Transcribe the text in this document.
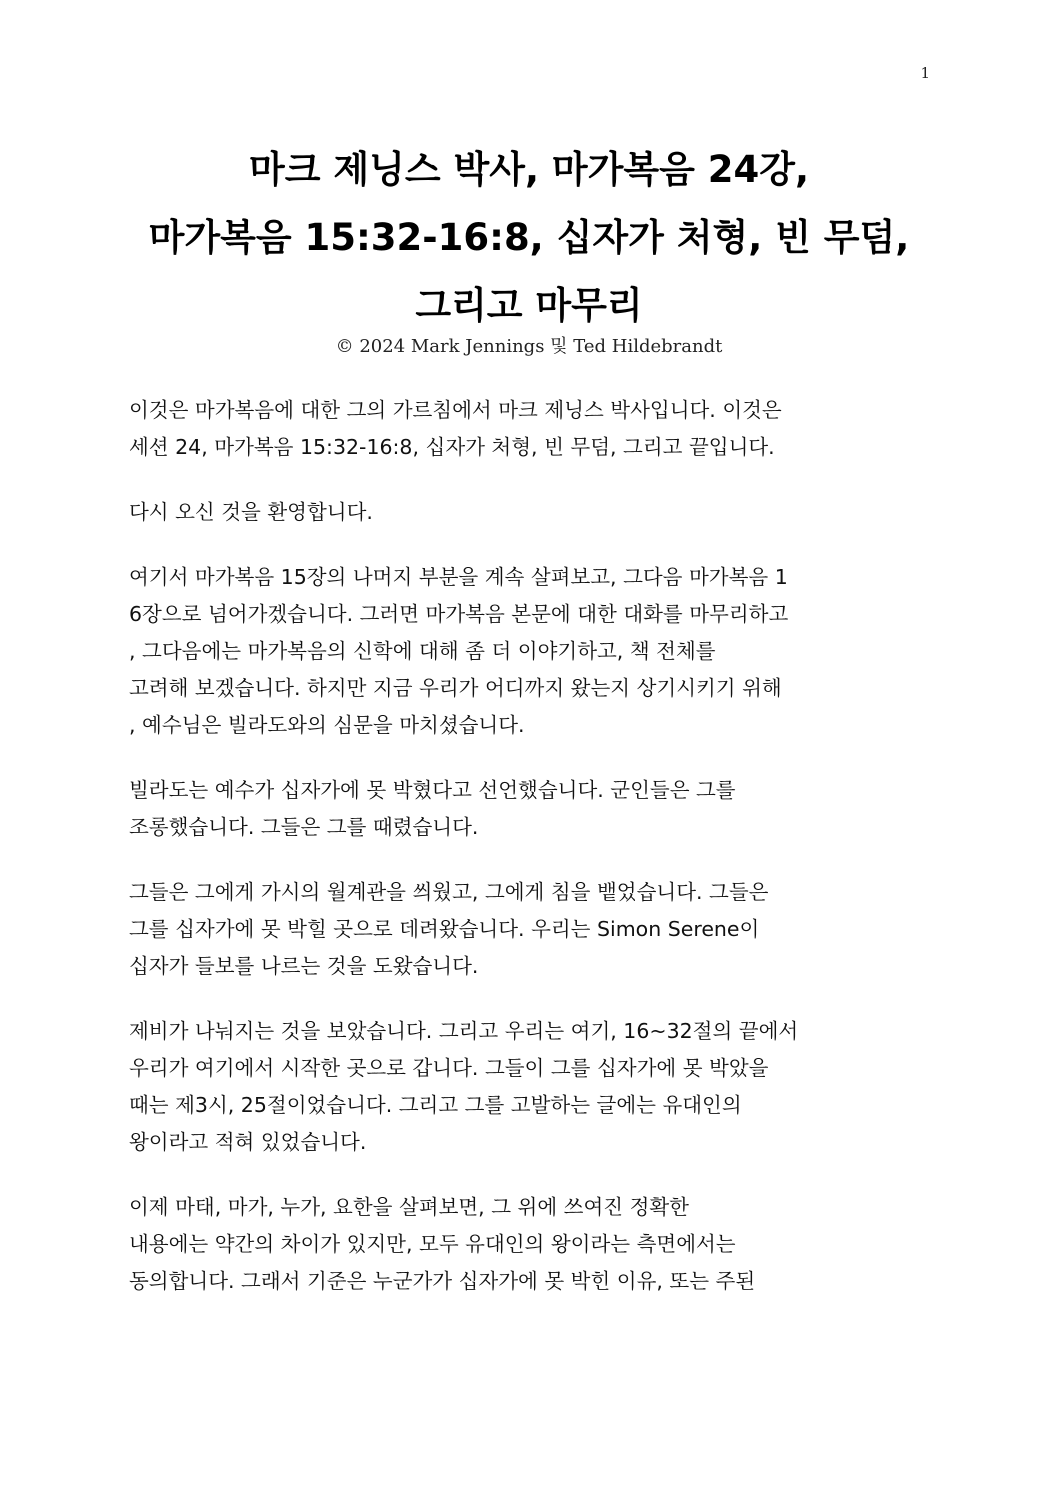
1
마크 제닝스 박사, 마가복음 24강,
마가복음 15:32-16:8, 십자가 처형, 빈 무덤,
그리고 마무리
© 2024 Mark Jennings 및 Ted Hildebrandt

이것은 마가복음에 대한 그의 가르침에서 마크 제닝스 박사입니다. 이것은
세션 24, 마가복음 15:32-16:8, 십자가 처형, 빈 무덤, 그리고 끝입니다.

다시 오신 것을 환영합니다.

여기서 마가복음 15장의 나머지 부분을 계속 살펴보고, 그다음 마가복음 1
6장으로 넘어가겠습니다. 그러면 마가복음 본문에 대한 대화를 마무리하고
, 그다음에는 마가복음의 신학에 대해 좀 더 이야기하고, 책 전체를
고려해 보겠습니다. 하지만 지금 우리가 어디까지 왔는지 상기시키기 위해
, 예수님은 빌라도와의 심문을 마치셨습니다.

빌라도는 예수가 십자가에 못 박혔다고 선언했습니다. 군인들은 그를
조롱했습니다. 그들은 그를 때렸습니다.

그들은 그에게 가시의 월계관을 씌웠고, 그에게 침을 뱉었습니다. 그들은
그를 십자가에 못 박힐 곳으로 데려왔습니다. 우리는 Simon Serene이
십자가 들보를 나르는 것을 도왔습니다.

제비가 나눠지는 것을 보았습니다. 그리고 우리는 여기, 16~32절의 끝에서
우리가 여기에서 시작한 곳으로 갑니다. 그들이 그를 십자가에 못 박았을
때는 제3시, 25절이었습니다. 그리고 그를 고발하는 글에는 유대인의
왕이라고 적혀 있었습니다.

이제 마태, 마가, 누가, 요한을 살펴보면, 그 위에 쓰여진 정확한
내용에는 약간의 차이가 있지만, 모두 유대인의 왕이라는 측면에서는
동의합니다. 그래서 기준은 누군가가 십자가에 못 박힌 이유, 또는 주된
